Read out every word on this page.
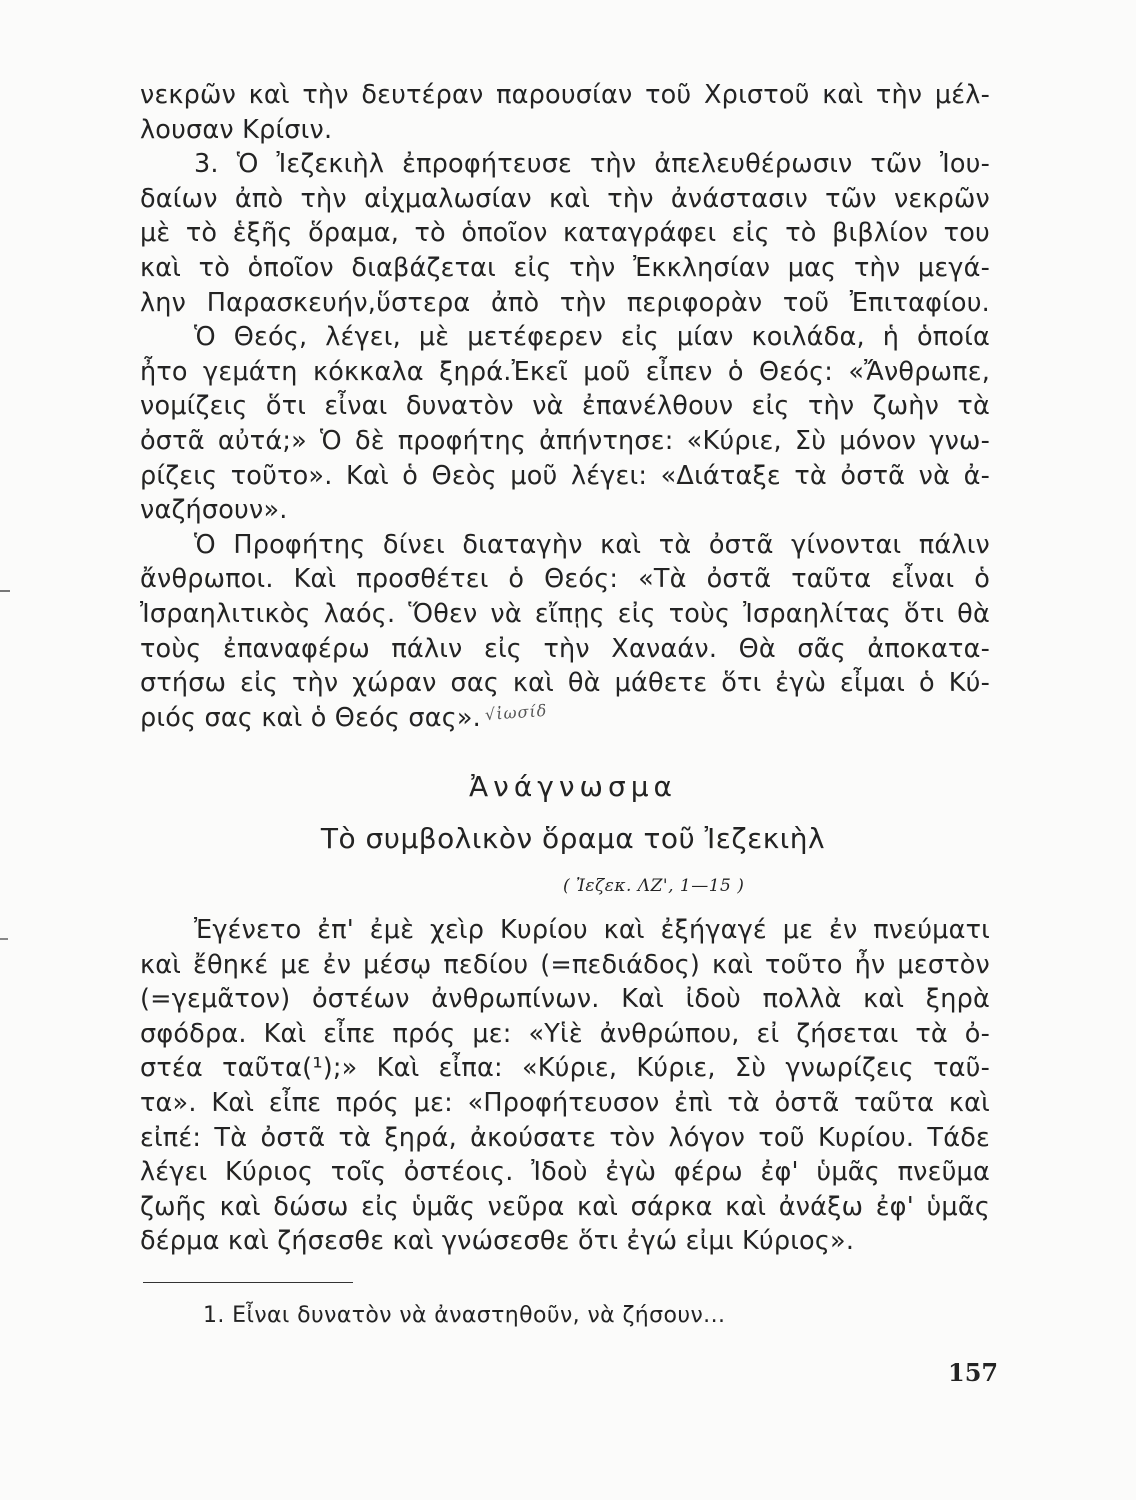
νεκρῶν καὶ τὴν δευτέραν παρουσίαν τοῦ Χριστοῦ καὶ τὴν μέλ-
λουσαν Κρίσιν.
3. Ὁ Ἰεζεκιὴλ ἐπροφήτευσε τὴν ἀπελευθέρωσιν τῶν Ἰου-
δαίων ἀπὸ τὴν αἰχμαλωσίαν καὶ τὴν ἀνάστασιν τῶν νεκρῶν
μὲ τὸ ἑξῆς ὅραμα, τὸ ὁποῖον καταγράφει εἰς τὸ βιβλίον του
καὶ τὸ ὁποῖον διαβάζεται εἰς τὴν Ἐκκλησίαν μας τὴν μεγά-
λην Παρασκευήν,ὕστερα ἀπὸ τὴν περιφορὰν τοῦ Ἐπιταφίου.
Ὁ Θεός, λέγει, μὲ μετέφερεν εἰς μίαν κοιλάδα, ἡ ὁποία
ἦτο γεμάτη κόκκαλα ξηρά.Ἐκεῖ μοῦ εἶπεν ὁ Θεός: «Ἄνθρωπε,
νομίζεις ὅτι εἶναι δυνατὸν νὰ ἐπανέλθουν εἰς τὴν ζωὴν τὰ
ὀστᾶ αὐτά;» Ὁ δὲ προφήτης ἀπήντησε: «Κύριε, Σὺ μόνον γνω-
ρίζεις τοῦτο». Καὶ ὁ Θεὸς μοῦ λέγει: «Διάταξε τὰ ὀστᾶ νὰ ἀ-
ναζήσουν».
Ὁ Προφήτης δίνει διαταγὴν καὶ τὰ ὀστᾶ γίνονται πάλιν
ἄνθρωποι. Καὶ προσθέτει ὁ Θεός: «Τὰ ὀστᾶ ταῦτα εἶναι ὁ
Ἰσραηλιτικὸς λαός. Ὅθεν νὰ εἴπῃς εἰς τοὺς Ἰσραηλίτας ὅτι θὰ
τοὺς ἐπαναφέρω πάλιν εἰς τὴν Χαναάν. Θὰ σᾶς ἀποκατα-
στήσω εἰς τὴν χώραν σας καὶ θὰ μάθετε ὅτι ἐγὼ εἶμαι ὁ Κύ-
ριός σας καὶ ὁ Θεός σας». √ἰωσίδ
Ἀνάγνωσμα
Τὸ συμβολικὸν ὅραμα τοῦ Ἰεζεκιὴλ
( Ἰεζεκ. ΛΖ', 1—15 )
Ἐγένετο ἐπ' ἐμὲ χεὶρ Κυρίου καὶ ἐξήγαγέ με ἐν πνεύματι
καὶ ἔθηκέ με ἐν μέσῳ πεδίου (=πεδιάδος) καὶ τοῦτο ἦν μεστὸν
(=γεμᾶτον) ὀστέων ἀνθρωπίνων. Καὶ ἰδοὺ πολλὰ καὶ ξηρὰ
σφόδρα. Καὶ εἶπε πρός με: «Υἱὲ ἀνθρώπου, εἰ ζήσεται τὰ ὀ-
στέα ταῦτα(¹);» Καὶ εἶπα: «Κύριε, Κύριε, Σὺ γνωρίζεις ταῦ-
τα». Καὶ εἶπε πρός με: «Προφήτευσον ἐπὶ τὰ ὀστᾶ ταῦτα καὶ
εἰπέ: Τὰ ὀστᾶ τὰ ξηρά, ἀκούσατε τὸν λόγον τοῦ Κυρίου. Τάδε
λέγει Κύριος τοῖς ὀστέοις. Ἰδοὺ ἐγὼ φέρω ἐφ' ὑμᾶς πνεῦμα
ζωῆς καὶ δώσω εἰς ὑμᾶς νεῦρα καὶ σάρκα καὶ ἀνάξω ἐφ' ὑμᾶς
δέρμα καὶ ζήσεσθε καὶ γνώσεσθε ὅτι ἐγώ εἰμι Κύριος».
1. Εἶναι δυνατὸν νὰ ἀναστηθοῦν, νὰ ζήσουν...
157
